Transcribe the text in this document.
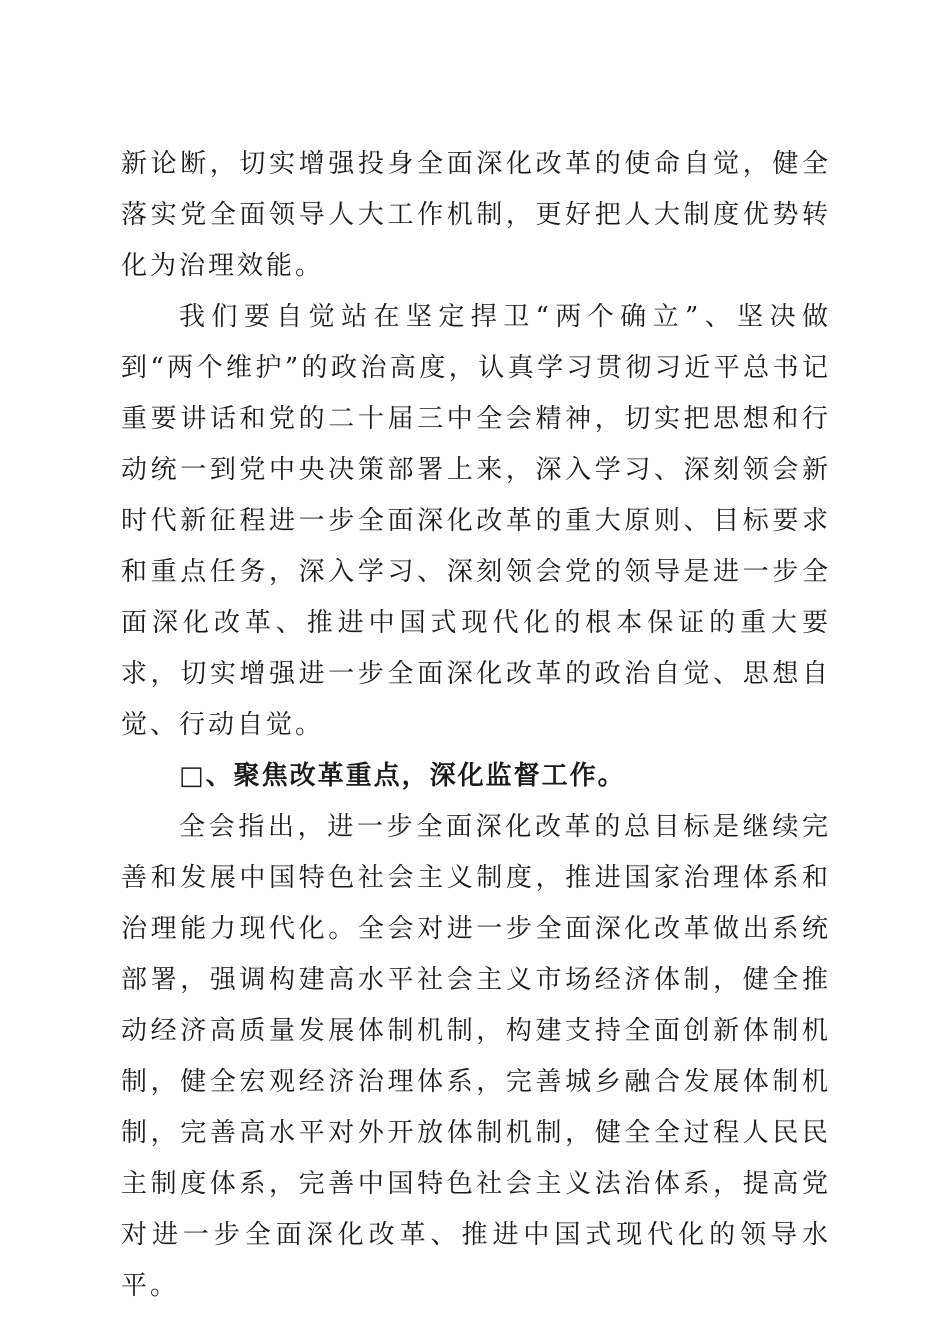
新论断，切实增强投身全面深化改革的使命自觉，健全落实党全面领导人大工作机制，更好把人大制度优势转化为治理效能。

我们要自觉站在坚定捍卫“两个确立”、坚决做到“两个维护”的政治高度，认真学习贯彻习近平总书记重要讲话和党的二十届三中全会精神，切实把思想和行动统一到党中央决策部署上来，深入学习、深刻领会新时代新征程进一步全面深化改革的重大原则、目标要求和重点任务，深入学习、深刻领会党的领导是进一步全面深化改革、推进中国式现代化的根本保证的重大要求，切实增强进一步全面深化改革的政治自觉、思想自觉、行动自觉。

□、聚焦改革重点，深化监督工作。

全会指出，进一步全面深化改革的总目标是继续完善和发展中国特色社会主义制度，推进国家治理体系和治理能力现代化。全会对进一步全面深化改革做出系统部署，强调构建高水平社会主义市场经济体制，健全推动经济高质量发展体制机制，构建支持全面创新体制机制，健全宏观经济治理体系，完善城乡融合发展体制机制，完善高水平对外开放体制机制，健全全过程人民民主制度体系，完善中国特色社会主义法治体系，提高党对进一步全面深化改革、推进中国式现代化的领导水平。
